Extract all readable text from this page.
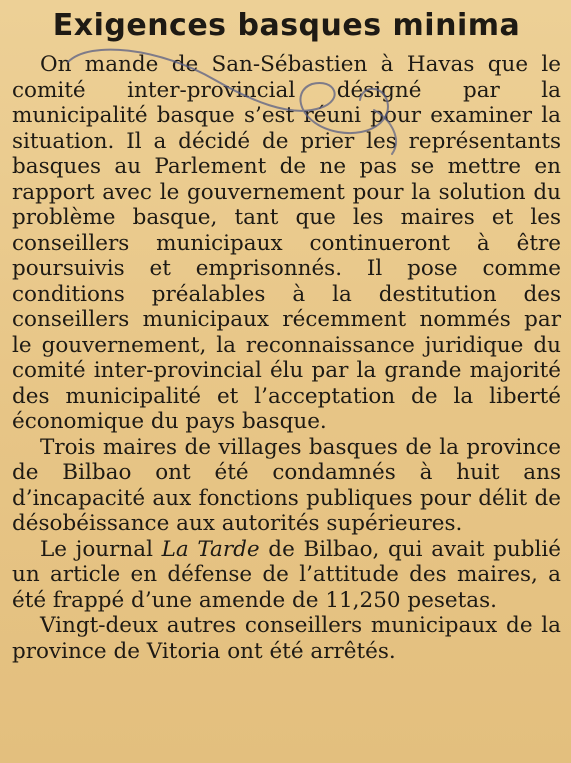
Exigences basques minima

On mande de San-Sébastien à Havas que le comité inter-provincial désigné par la municipalité basque s’est réuni pour examiner la situation. Il a décidé de prier les représentants basques au Parlement de ne pas se mettre en rapport avec le gouvernement pour la solution du problème basque, tant que les maires et les conseillers municipaux continueront à être poursuivis et emprisonnés. Il pose comme conditions préalables à la destitution des conseillers municipaux récemment nommés par le gouvernement, la reconnaissance juridique du comité inter-provincial élu par la grande majorité des municipalité et l’acceptation de la liberté économique du pays basque.

Trois maires de villages basques de la province de Bilbao ont été condamnés à huit ans d’incapacité aux fonctions publiques pour délit de désobéissance aux autorités supérieures.

Le journal La Tarde de Bilbao, qui avait publié un article en défense de l’attitude des maires, a été frappé d’une amende de 11,250 pesetas.

Vingt-deux autres conseillers municipaux de la province de Vitoria ont été arrêtés.
